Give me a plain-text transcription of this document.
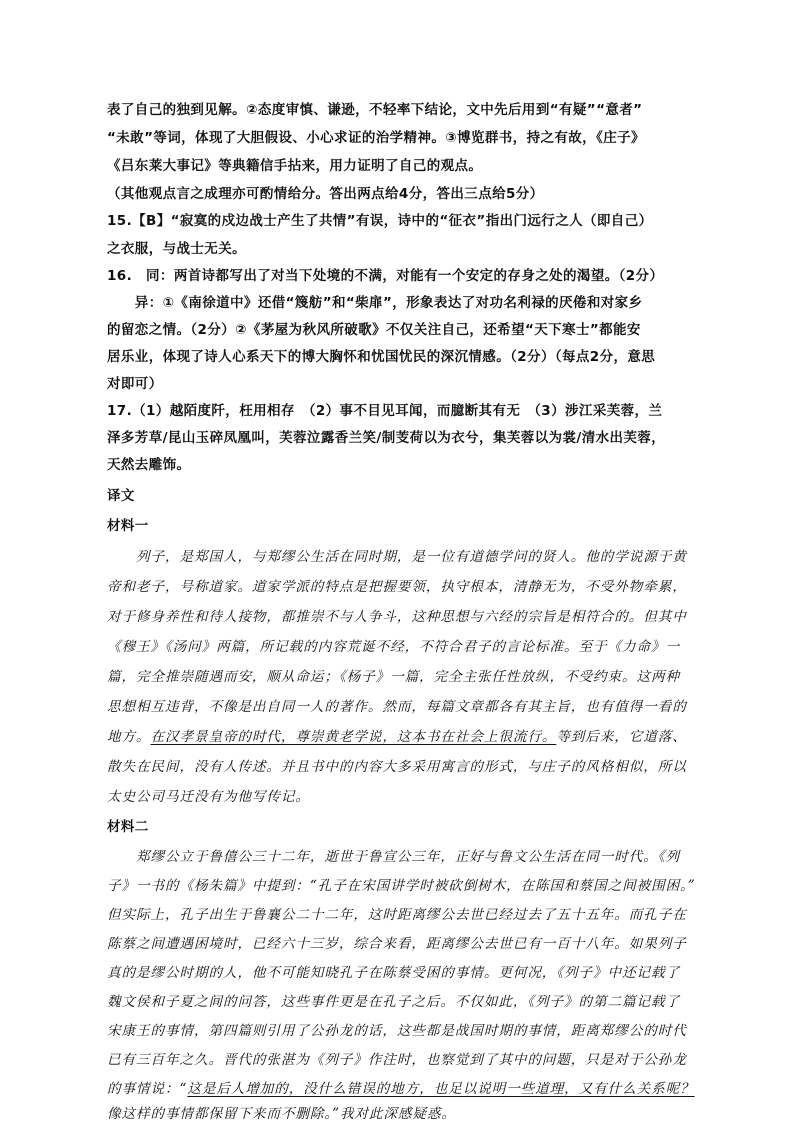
表了自己的独到见解。②态度审慎、谦逊，不轻率下结论，文中先后用到“有疑”“意者”
“未敢”等词，体现了大胆假设、小心求证的治学精神。③博览群书，持之有故，《庄子》
《吕东莱大事记》等典籍信手拈来，用力证明了自己的观点。
（其他观点言之成理亦可酌情给分。答出两点给4分，答出三点给5分）
15.【B】“寂寞的戍边战士产生了共情”有误，诗中的“征衣”指出门远行之人（即自己）
之衣服，与战士无关。
16.　同：两首诗都写出了对当下处境的不满，对能有一个安定的存身之处的渴望。（2分）
　　异：①《南徐道中》还借“篾舫”和“柴扉”，形象表达了对功名利禄的厌倦和对家乡
的留恋之情。（2分）②《茅屋为秋风所破歌》不仅关注自己，还希望“天下寒士”都能安
居乐业，体现了诗人心系天下的博大胸怀和忧国忧民的深沉情感。（2分）（每点2分，意思
对即可）
17.（1）越陌度阡，枉用相存　（2）事不目见耳闻，而臆断其有无　（3）涉江采芙蓉，兰
泽多芳草/昆山玉碎凤凰叫，芙蓉泣露香兰笑/制芰荷以为衣兮，集芙蓉以为裳/清水出芙蓉，
天然去雕饰。
译文
材料一
　　列子，是郑国人，与郑缪公生活在同时期，是一位有道德学问的贤人。他的学说源于黄
帝和老子，号称道家。道家学派的特点是把握要领，执守根本，清静无为，不受外物牵累，
对于修身养性和待人接物，都推崇不与人争斗，这种思想与六经的宗旨是相符合的。但其中
《穆王》《汤问》两篇，所记载的内容荒诞不经，不符合君子的言论标准。至于《力命》一
篇，完全推崇随遇而安，顺从命运；《杨子》一篇，完全主张任性放纵，不受约束。这两种
思想相互违背，不像是出自同一人的著作。然而，每篇文章都各有其主旨，也有值得一看的
地方。在汉孝景皇帝的时代，尊崇黄老学说，这本书在社会上很流行。等到后来，它道落、
散失在民间，没有人传述。并且书中的内容大多采用寓言的形式，与庄子的风格相似，所以
太史公司马迁没有为他写传记。
材料二
　　郑缪公立于鲁僖公三十二年，逝世于鲁宣公三年，正好与鲁文公生活在同一时代。《列
子》一书的《杨朱篇》中提到：“孔子在宋国讲学时被砍倒树木，在陈国和蔡国之间被围困。”
但实际上，孔子出生于鲁襄公二十二年，这时距离缪公去世已经过去了五十五年。而孔子在
陈蔡之间遭遇困境时，已经六十三岁，综合来看，距离缪公去世已有一百十八年。如果列子
真的是缪公时期的人，他不可能知晓孔子在陈蔡受困的事情。更何况，《列子》中还记载了
魏文侯和子夏之间的问答，这些事件更是在孔子之后。不仅如此，《列子》的第二篇记载了
宋康王的事情，第四篇则引用了公孙龙的话，这些都是战国时期的事情，距离郑缪公的时代
已有三百年之久。晋代的张湛为《列子》作注时，也察觉到了其中的问题，只是对于公孙龙
的事情说：“这是后人增加的，没什么错误的地方，也足以说明一些道理，又有什么关系呢？
像这样的事情都保留下来而不删除。”我对此深感疑惑。
